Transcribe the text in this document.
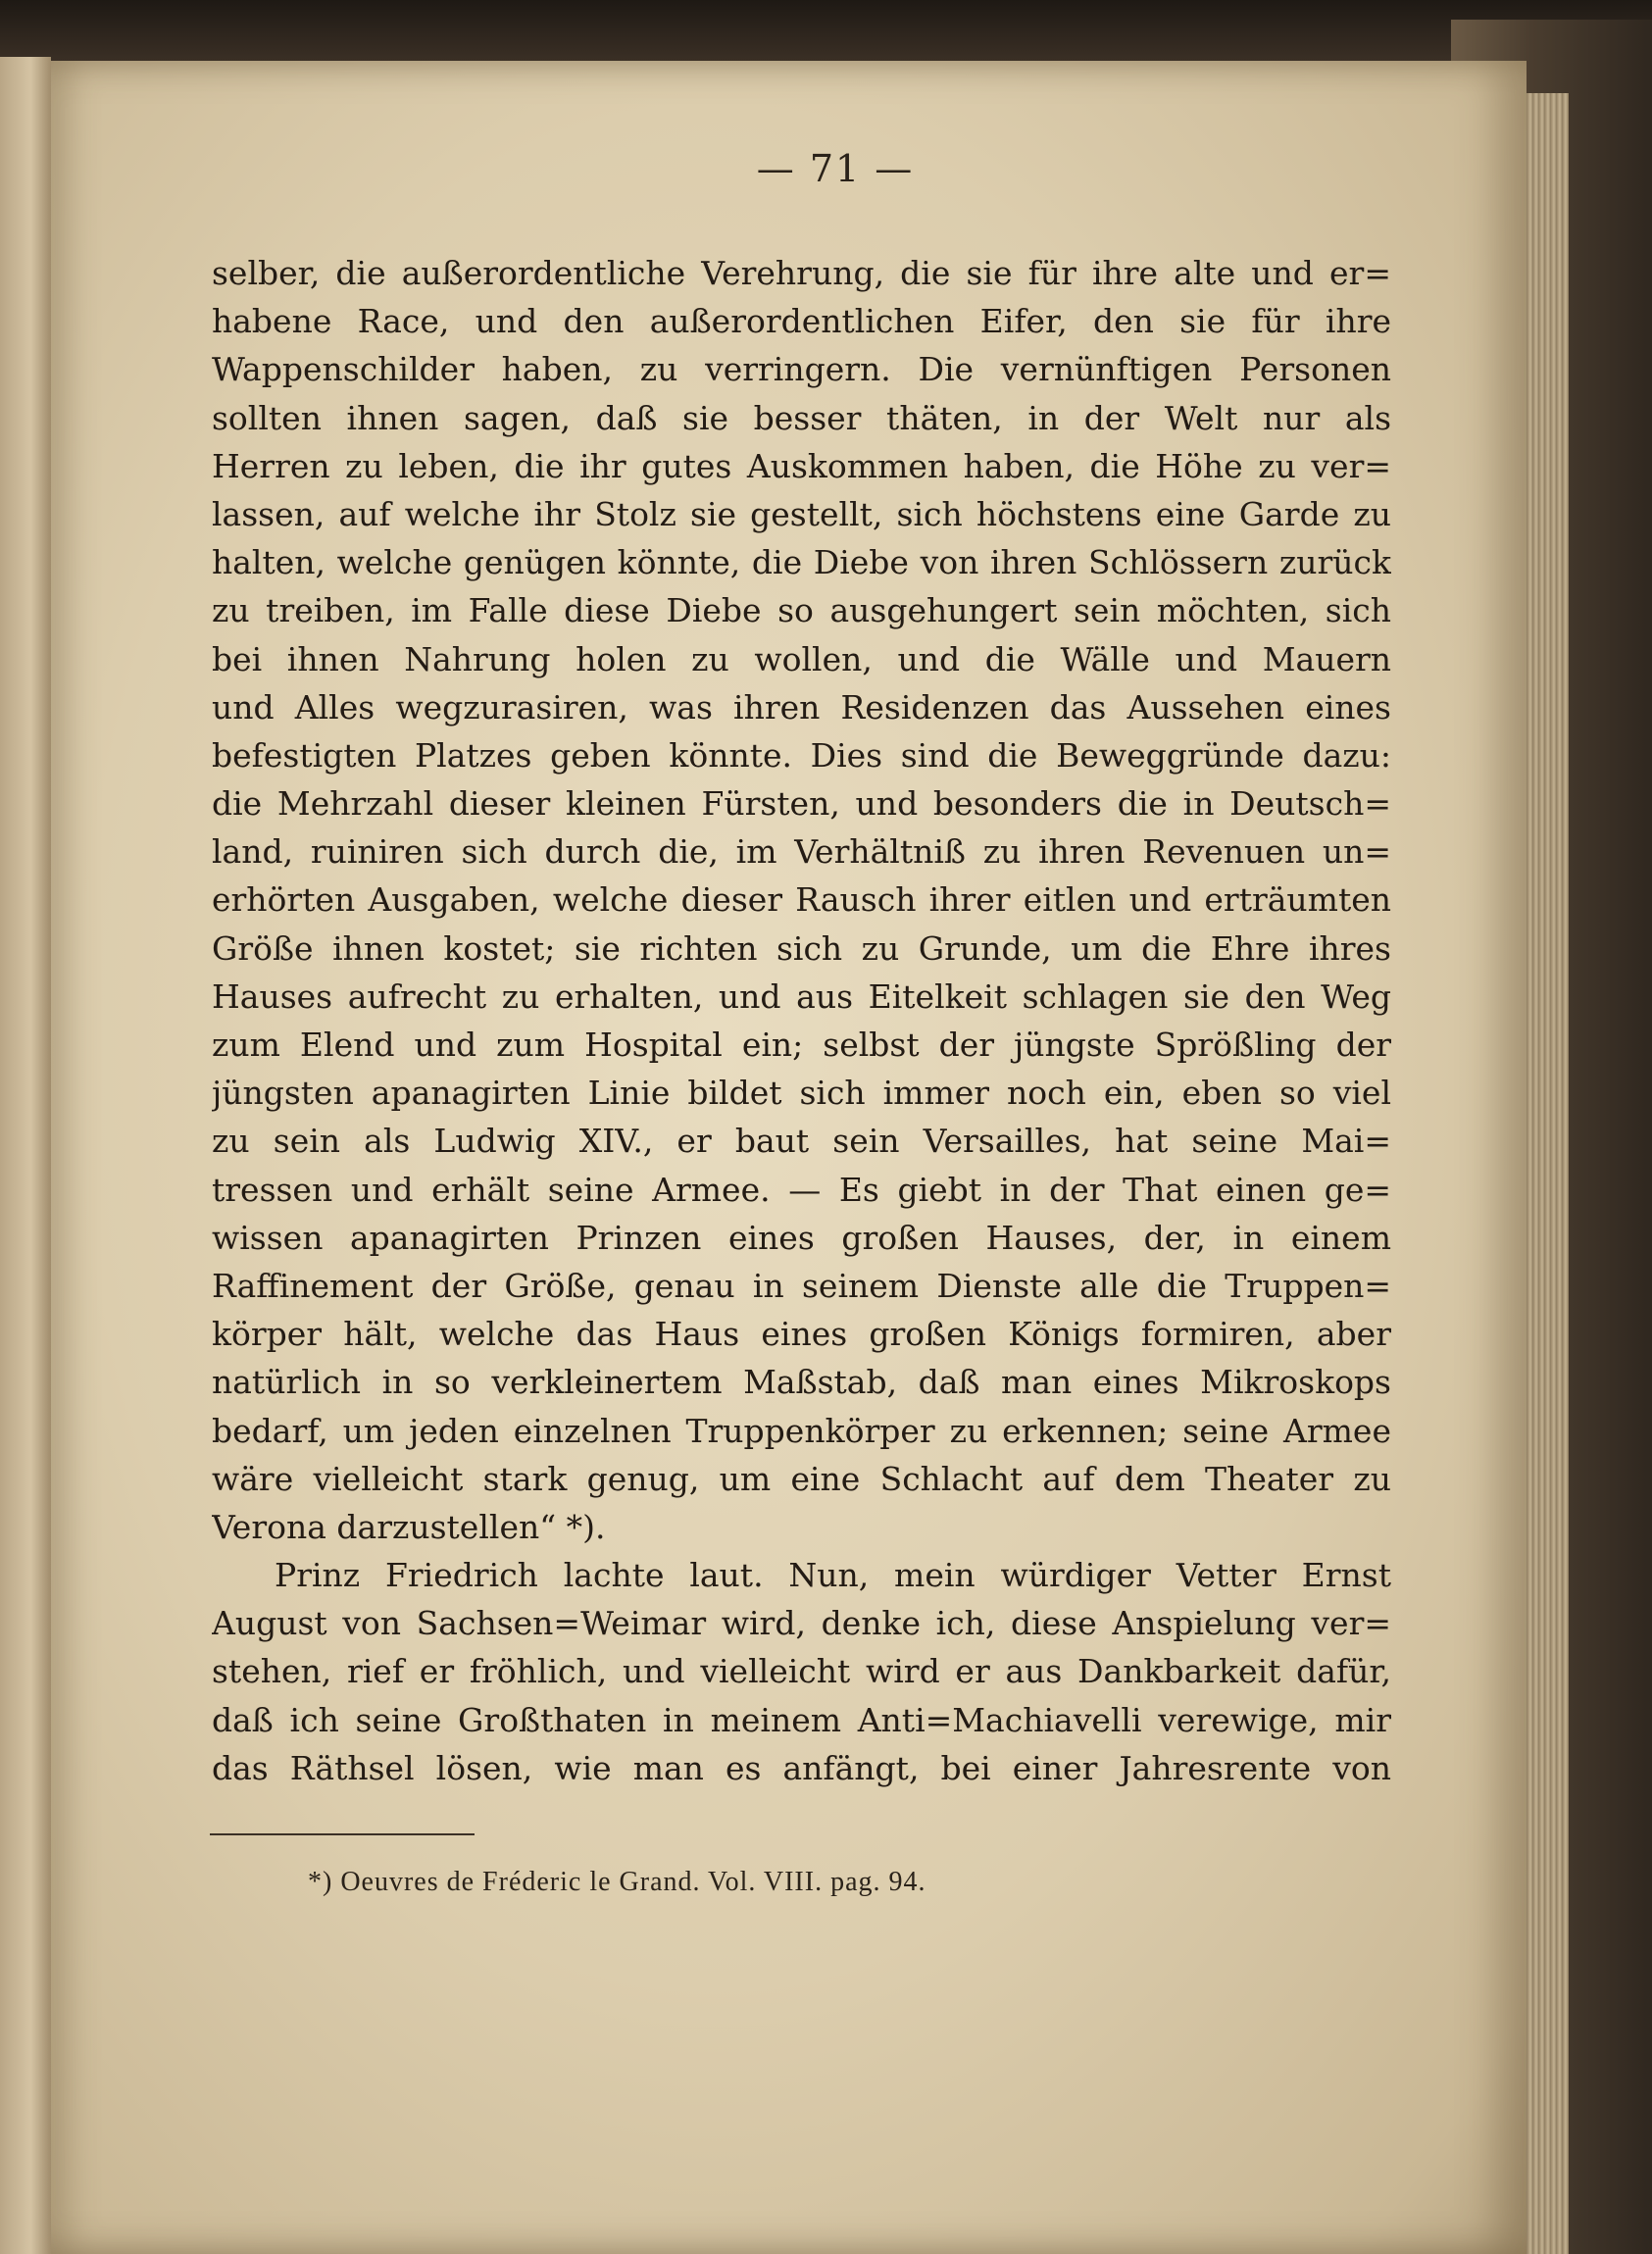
— 71 —
selber, die außerordentliche Verehrung, die sie für ihre alte und er=
habene Race, und den außerordentlichen Eifer, den sie für ihre
Wappenschilder haben, zu verringern. Die vernünftigen Personen
sollten ihnen sagen, daß sie besser thäten, in der Welt nur als
Herren zu leben, die ihr gutes Auskommen haben, die Höhe zu ver=
lassen, auf welche ihr Stolz sie gestellt, sich höchstens eine Garde zu
halten, welche genügen könnte, die Diebe von ihren Schlössern zurück
zu treiben, im Falle diese Diebe so ausgehungert sein möchten, sich
bei ihnen Nahrung holen zu wollen, und die Wälle und Mauern
und Alles wegzurasiren, was ihren Residenzen das Aussehen eines
befestigten Platzes geben könnte. Dies sind die Beweggründe dazu:
die Mehrzahl dieser kleinen Fürsten, und besonders die in Deutsch=
land, ruiniren sich durch die, im Verhältniß zu ihren Revenuen un=
erhörten Ausgaben, welche dieser Rausch ihrer eitlen und erträumten
Größe ihnen kostet; sie richten sich zu Grunde, um die Ehre ihres
Hauses aufrecht zu erhalten, und aus Eitelkeit schlagen sie den Weg
zum Elend und zum Hospital ein; selbst der jüngste Sprößling der
jüngsten apanagirten Linie bildet sich immer noch ein, eben so viel
zu sein als Ludwig XIV., er baut sein Versailles, hat seine Mai=
tressen und erhält seine Armee. — Es giebt in der That einen ge=
wissen apanagirten Prinzen eines großen Hauses, der, in einem
Raffinement der Größe, genau in seinem Dienste alle die Truppen=
körper hält, welche das Haus eines großen Königs formiren, aber
natürlich in so verkleinertem Maßstab, daß man eines Mikroskops
bedarf, um jeden einzelnen Truppenkörper zu erkennen; seine Armee
wäre vielleicht stark genug, um eine Schlacht auf dem Theater zu
Verona darzustellen“ *).
Prinz Friedrich lachte laut. Nun, mein würdiger Vetter Ernst
August von Sachsen=Weimar wird, denke ich, diese Anspielung ver=
stehen, rief er fröhlich, und vielleicht wird er aus Dankbarkeit dafür,
daß ich seine Großthaten in meinem Anti=Machiavelli verewige, mir
das Räthsel lösen, wie man es anfängt, bei einer Jahresrente von
*) Oeuvres de Fréderic le Grand. Vol. VIII. pag. 94.
